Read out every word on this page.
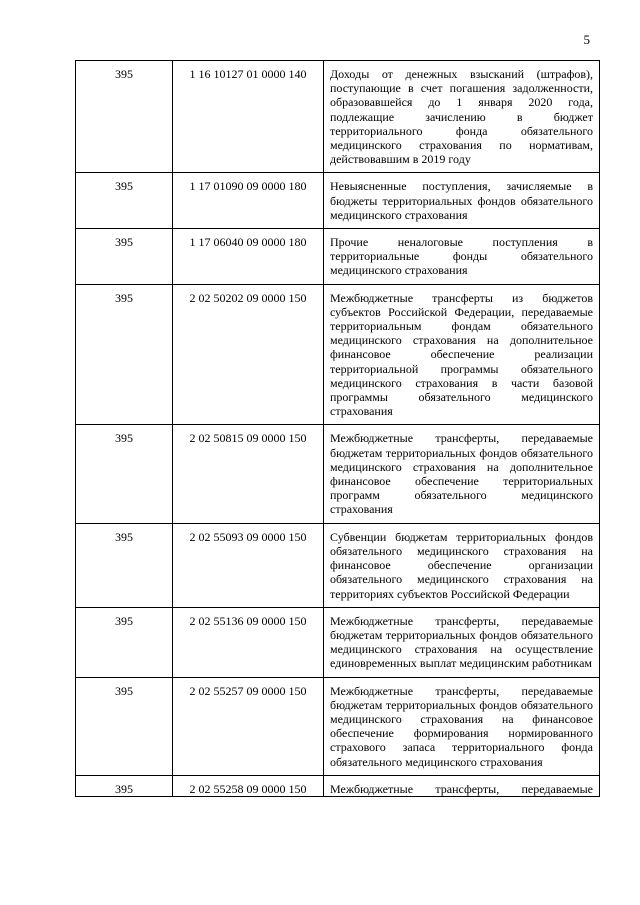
5
395	1 16 10127 01 0000 140	Доходы от денежных взысканий (штрафов), поступающие в счет погашения задолженности, образовавшейся до 1 января 2020 года, подлежащие зачислению в бюджет территориального фонда обязательного медицинского страхования по нормативам, действовавшим в 2019 году
395	1 17 01090 09 0000 180	Невыясненные поступления, зачисляемые в бюджеты территориальных фондов обязательного медицинского страхования
395	1 17 06040 09 0000 180	Прочие неналоговые поступления в территориальные фонды обязательного медицинского страхования
395	2 02 50202 09 0000 150	Межбюджетные трансферты из бюджетов субъектов Российской Федерации, передаваемые территориальным фондам обязательного медицинского страхования на дополнительное финансовое обеспечение реализации территориальной программы обязательного медицинского страхования в части базовой программы обязательного медицинского страхования
395	2 02 50815 09 0000 150	Межбюджетные трансферты, передаваемые бюджетам территориальных фондов обязательного медицинского страхования на дополнительное финансовое обеспечение территориальных программ обязательного медицинского страхования
395	2 02 55093 09 0000 150	Субвенции бюджетам территориальных фондов обязательного медицинского страхования на финансовое обеспечение организации обязательного медицинского страхования на территориях субъектов Российской Федерации
395	2 02 55136 09 0000 150	Межбюджетные трансферты, передаваемые бюджетам территориальных фондов обязательного медицинского страхования на осуществление единовременных выплат медицинским работникам
395	2 02 55257 09 0000 150	Межбюджетные трансферты, передаваемые бюджетам территориальных фондов обязательного медицинского страхования на финансовое обеспечение формирования нормированного страхового запаса территориального фонда обязательного медицинского страхования
395	2 02 55258 09 0000 150	Межбюджетные трансферты, передаваемые
